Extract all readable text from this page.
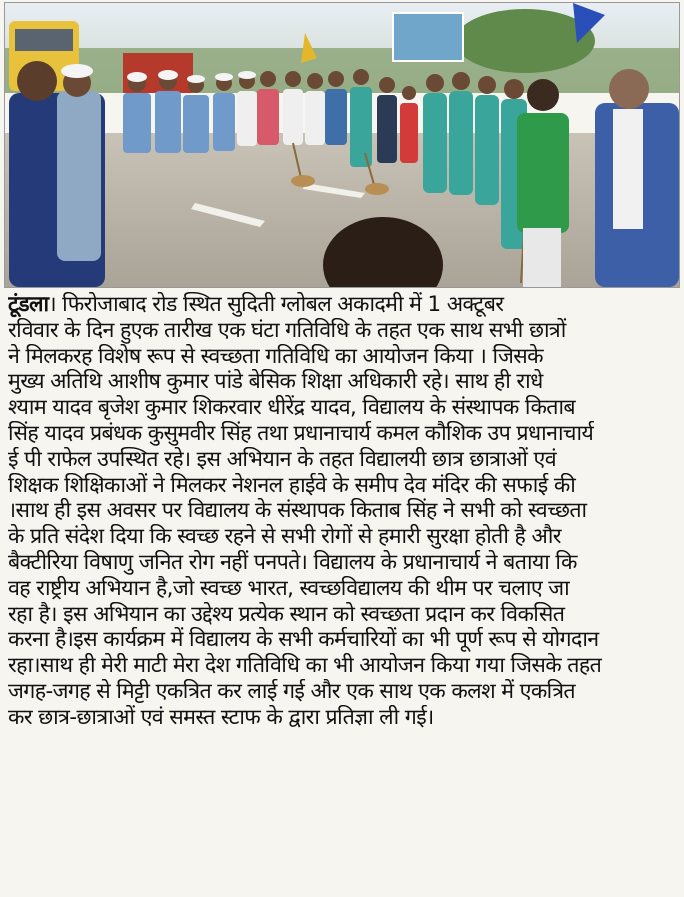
टूंडला। फिरोजाबाद रोड स्थित सुदिती ग्लोबल अकादमी में 1 अक्टूबर
रविवार के दिन हुएक तारीख एक घंटा गतिविधि के तहत एक साथ सभी छात्रों
ने मिलकरह विशेष रूप से स्वच्छता गतिविधि का आयोजन किया । जिसके
मुख्य अतिथि आशीष कुमार पांडे बेसिक शिक्षा अधिकारी रहे। साथ ही राधे
श्याम यादव बृजेश कुमार शिकरवार धीरेंद्र यादव, विद्यालय के संस्थापक किताब
सिंह यादव प्रबंधक कुसुमवीर सिंह तथा प्रधानाचार्य कमल कौशिक उप प्रधानाचार्य
ई पी राफेल उपस्थित रहे। इस अभियान के तहत विद्यालयी छात्र छात्राओं एवं
शिक्षक शिक्षिकाओं ने मिलकर नेशनल हाईवे के समीप देव मंदिर की सफाई की
।साथ ही इस अवसर पर विद्यालय के संस्थापक किताब सिंह ने सभी को स्वच्छता
के प्रति संदेश दिया कि स्वच्छ रहने से सभी रोगों से हमारी सुरक्षा होती है और
बैक्टीरिया विषाणु जनित रोग नहीं पनपते। विद्यालय के प्रधानाचार्य ने बताया कि
वह राष्ट्रीय अभियान है,जो स्वच्छ भारत, स्वच्छविद्यालय की थीम पर चलाए जा
रहा है। इस अभियान का उद्देश्य प्रत्येक स्थान को स्वच्छता प्रदान कर विकसित
करना है।इस कार्यक्रम में विद्यालय के सभी कर्मचारियों का भी पूर्ण रूप से योगदान
रहा।साथ ही मेरी माटी मेरा देश गतिविधि का भी आयोजन किया गया जिसके तहत
जगह-जगह से मिट्टी एकत्रित कर लाई गई और एक साथ एक कलश में एकत्रित
कर छात्र-छात्राओं एवं समस्त स्टाफ के द्वारा प्रतिज्ञा ली गई।
